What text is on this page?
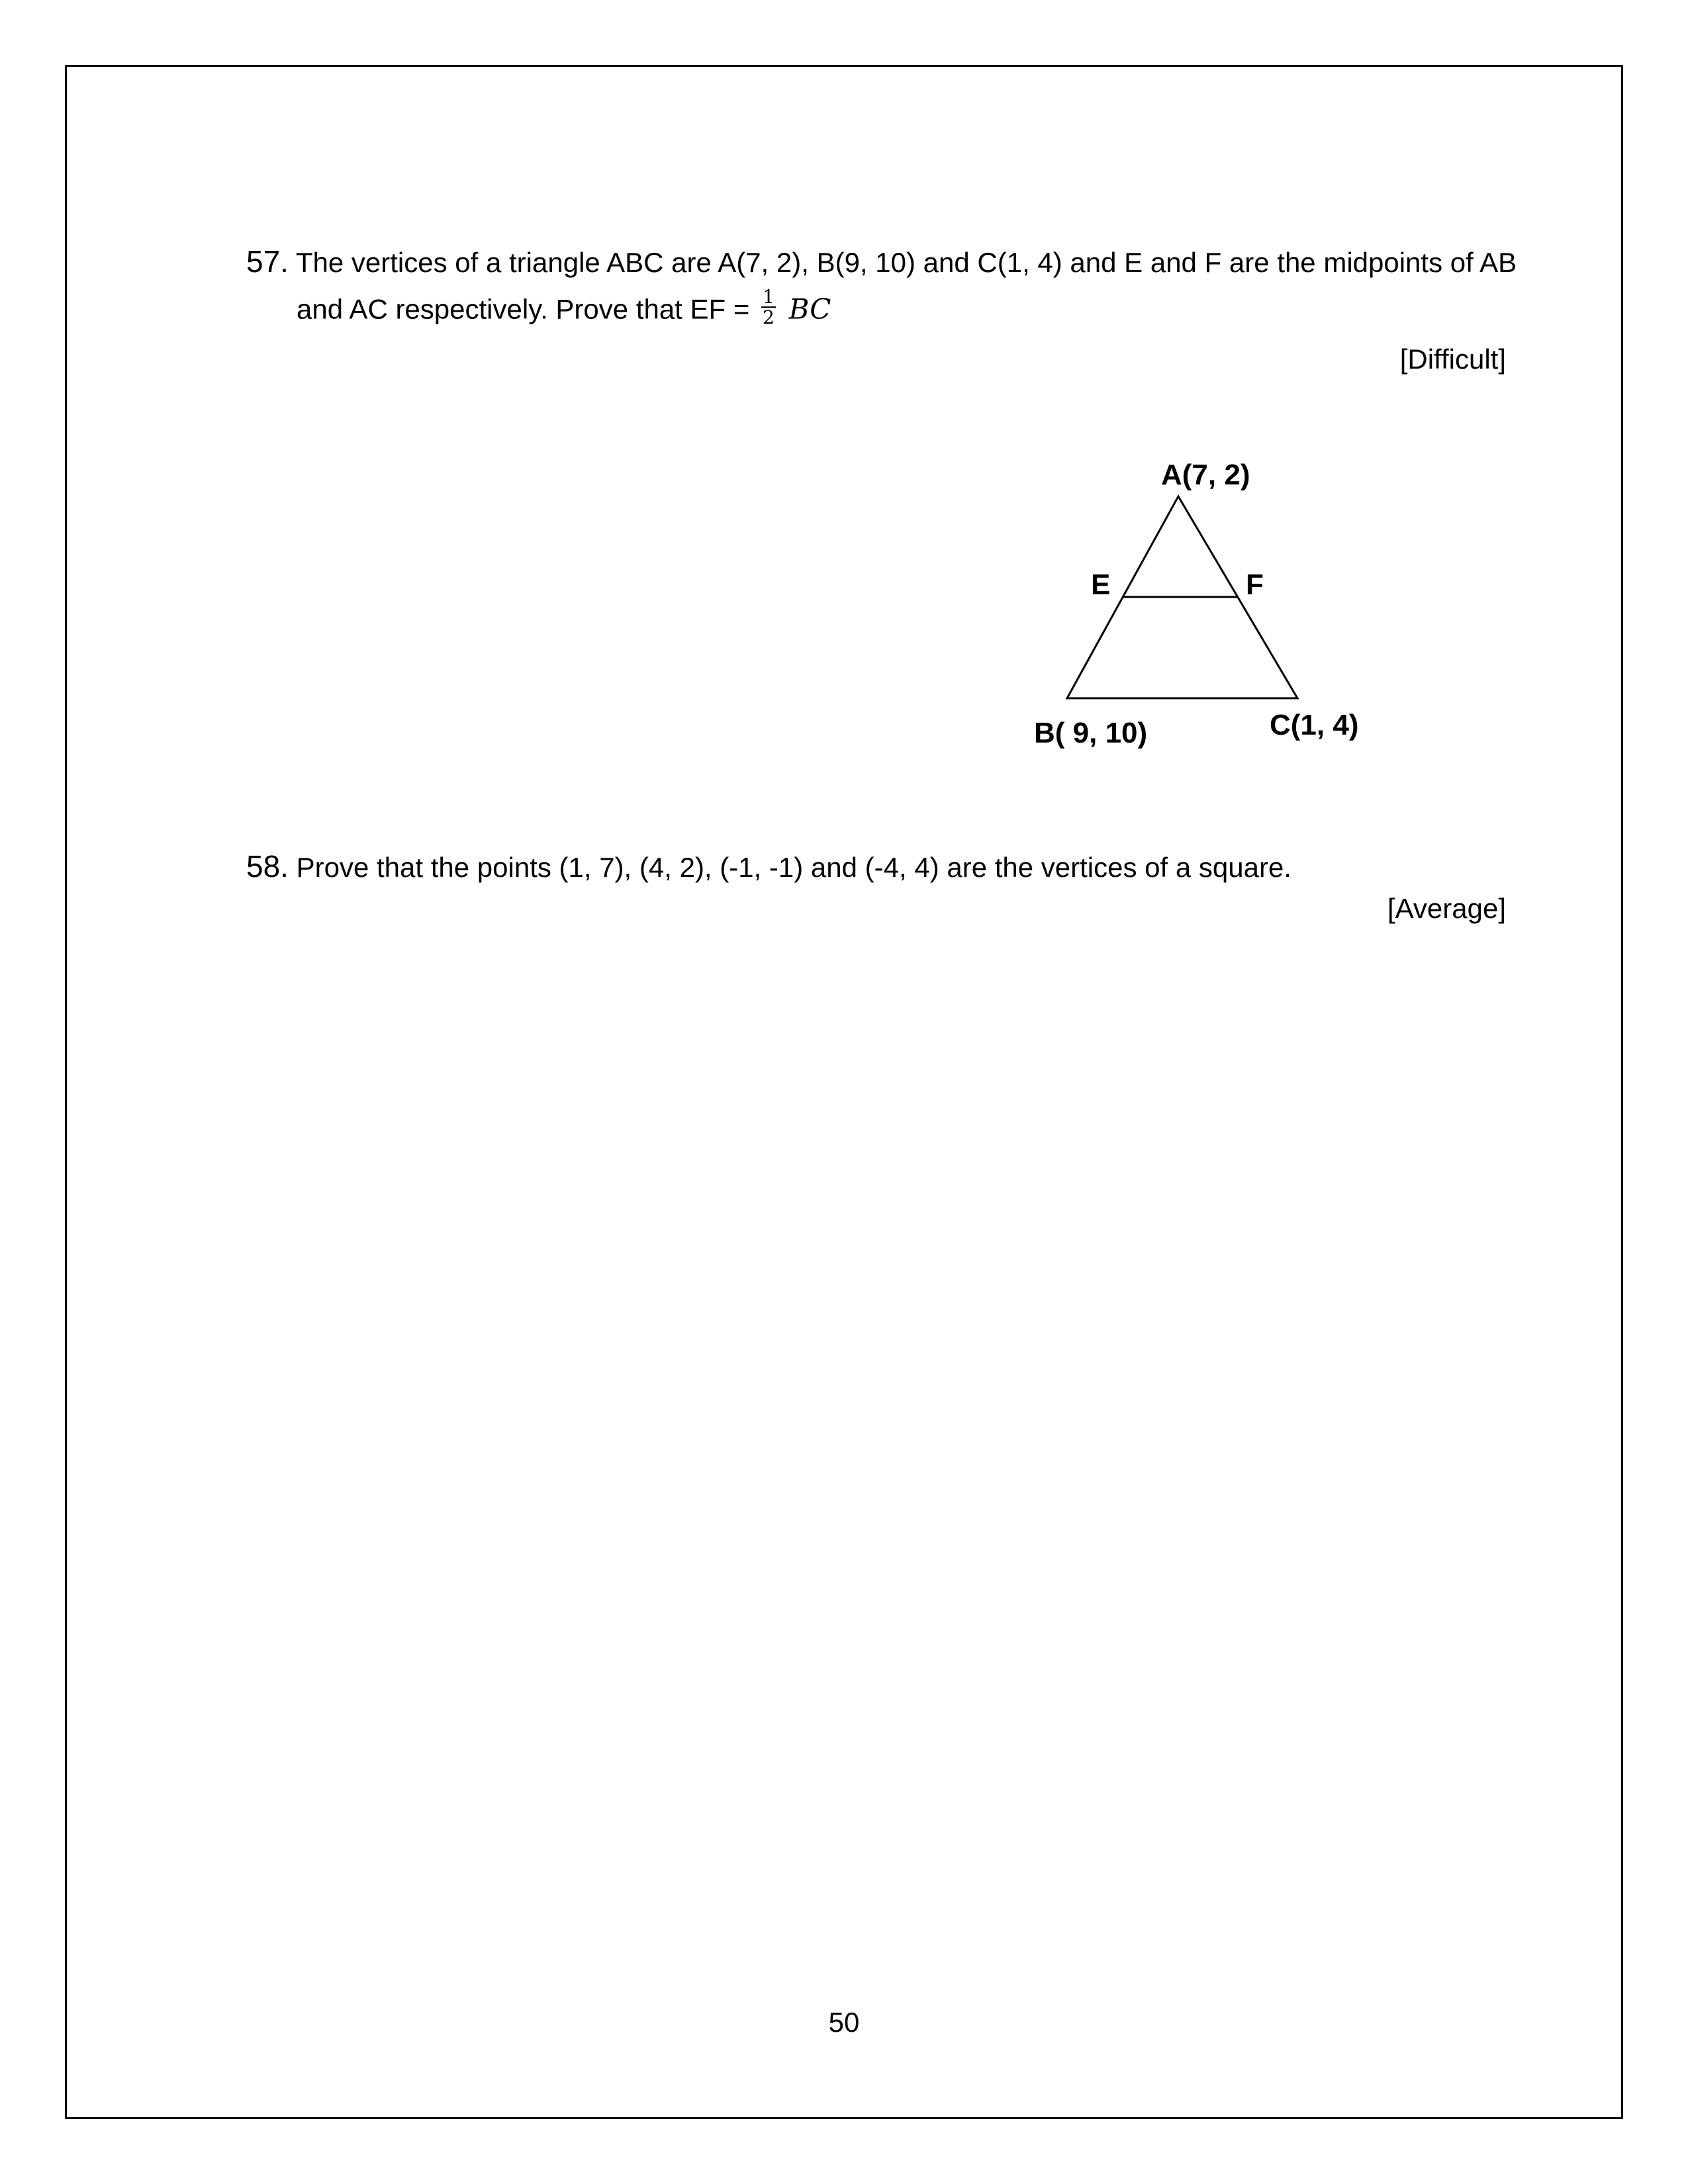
57. The vertices of a triangle ABC are A(7, 2), B(9, 10) and C(1, 4) and E and F are the midpoints of AB
and AC respectively. Prove that EF = $\frac{1}{2}$ BC
[Difficult]
A(7, 2)
E	F
B( 9, 10)	C(1, 4)
58. Prove that the points (1, 7), (4, 2), (-1, -1) and (-4, 4) are the vertices of a square.
[Average]
50
